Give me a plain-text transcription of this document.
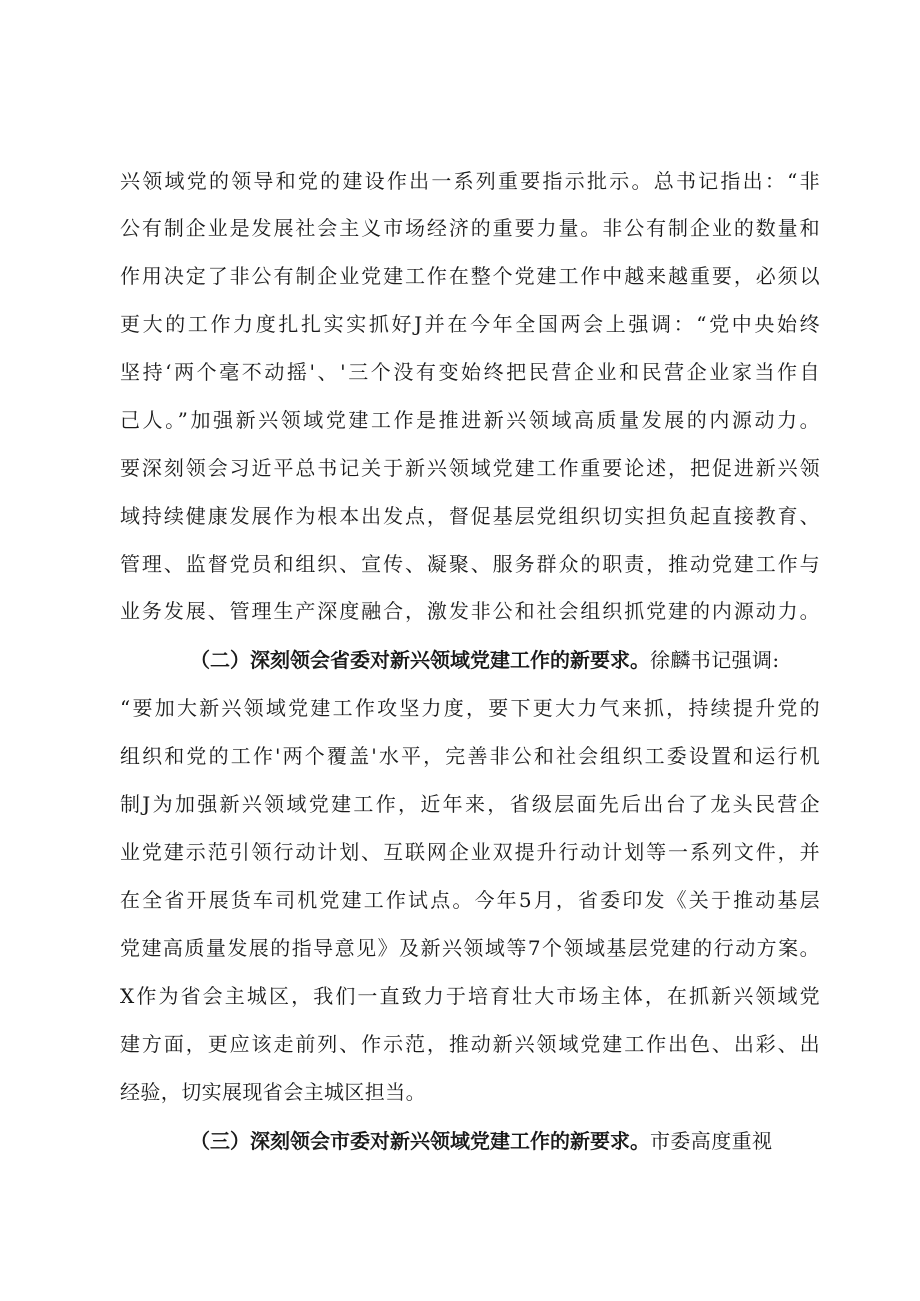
兴领域党的领导和党的建设作出一系列重要指示批示。总书记指出：“非
公有制企业是发展社会主义市场经济的重要力量。非公有制企业的数量和
作用决定了非公有制企业党建工作在整个党建工作中越来越重要，必须以
更大的工作力度扎扎实实抓好J并在今年全国两会上强调：“党中央始终
坚持‘两个毫不动摇'、'三个没有变始终把民营企业和民营企业家当作自
己人。”加强新兴领域党建工作是推进新兴领域高质量发展的内源动力。
要深刻领会习近平总书记关于新兴领域党建工作重要论述，把促进新兴领
域持续健康发展作为根本出发点，督促基层党组织切实担负起直接教育、
管理、监督党员和组织、宣传、凝聚、服务群众的职责，推动党建工作与
业务发展、管理生产深度融合，激发非公和社会组织抓党建的内源动力。
（二）深刻领会省委对新兴领域党建工作的新要求。徐麟书记强调:
“要加大新兴领域党建工作攻坚力度，要下更大力气来抓，持续提升党的
组织和党的工作'两个覆盖'水平，完善非公和社会组织工委设置和运行机
制J为加强新兴领域党建工作，近年来，省级层面先后出台了龙头民营企
业党建示范引领行动计划、互联网企业双提升行动计划等一系列文件，并
在全省开展货车司机党建工作试点。今年5月，省委印发《关于推动基层
党建高质量发展的指导意见》及新兴领域等7个领域基层党建的行动方案。
X作为省会主城区，我们一直致力于培育壮大市场主体，在抓新兴领域党
建方面，更应该走前列、作示范，推动新兴领域党建工作出色、出彩、出
经验，切实展现省会主城区担当。
（三）深刻领会市委对新兴领域党建工作的新要求。市委高度重视
